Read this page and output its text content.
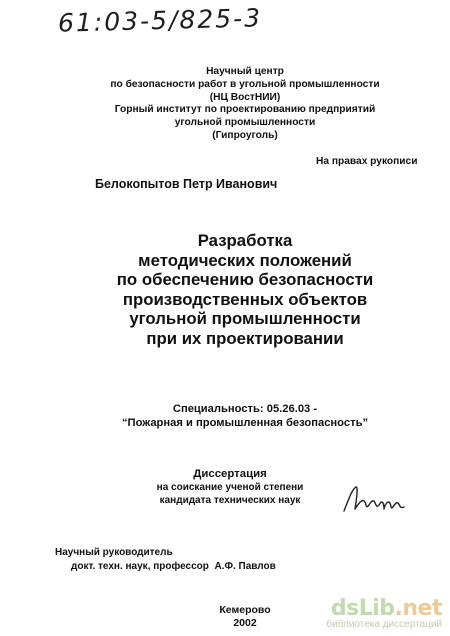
61:03-5/825-3
Научный центр
по безопасности работ в угольной промышленности
(НЦ ВостНИИ)
Горный институт по проектированию предприятий
угольной промышленности
(Гипроуголь)
На правах рукописи
Белокопытов Петр Иванович
Разработка
методических положений
по обеспечению безопасности
производственных объектов
угольной промышленности
при их проектировании
Специальность: 05.26.03 -
“Пожарная и промышленная безопасность”
Диссертация
на соискание ученой степени
кандидата технических наук
Научный руководитель
докт. техн. наук, профессор  А.Ф. Павлов
Кемерово
2002
dsLib.net
библиотека диссертаций
